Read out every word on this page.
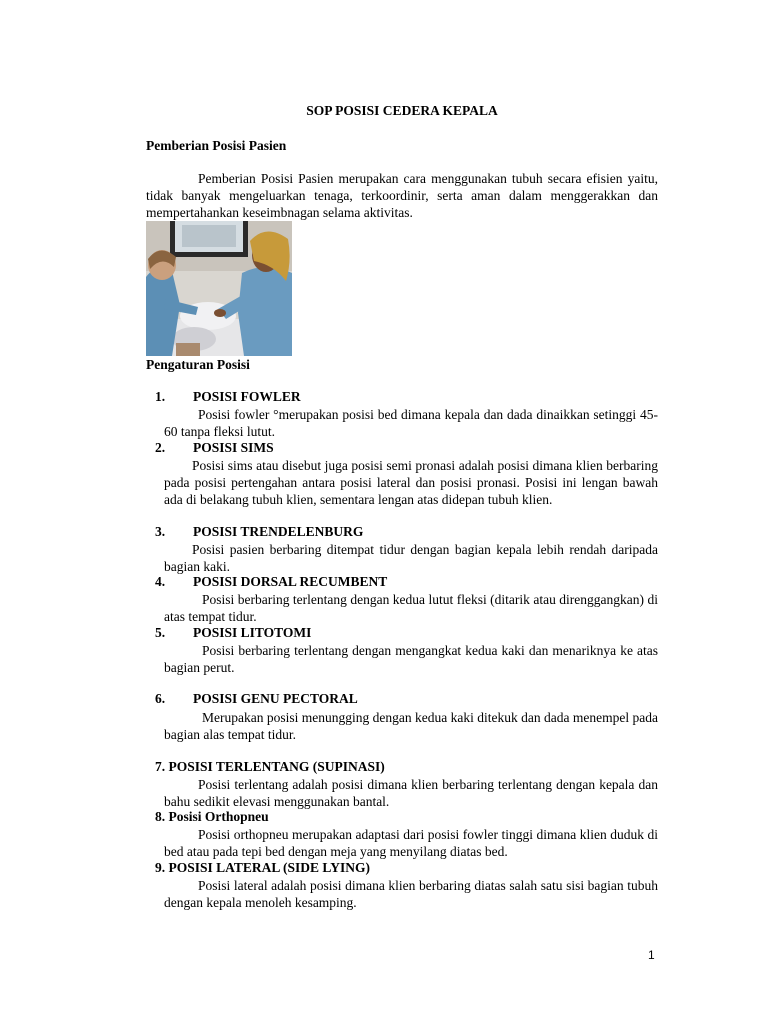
SOP POSISI CEDERA KEPALA
Pemberian Posisi Pasien
Pemberian Posisi Pasien merupakan cara menggunakan tubuh secara efisien yaitu, tidak banyak mengeluarkan tenaga, terkoordinir, serta aman dalam menggerakkan dan mempertahankan keseimbnagan selama aktivitas.
Pengaturan Posisi
1. POSISI FOWLER
Posisi fowler °merupakan posisi bed dimana kepala dan dada dinaikkan setinggi 45-60 tanpa fleksi lutut.
2. POSISI SIMS
Posisi sims atau disebut juga posisi semi pronasi adalah posisi dimana klien berbaring pada posisi pertengahan antara posisi lateral dan posisi pronasi. Posisi ini lengan bawah ada di belakang tubuh klien, sementara lengan atas didepan tubuh klien.
3. POSISI TRENDELENBURG
Posisi pasien berbaring ditempat tidur dengan bagian kepala lebih rendah daripada bagian kaki.
4. POSISI DORSAL RECUMBENT
Posisi berbaring terlentang dengan kedua lutut fleksi (ditarik atau direnggangkan) di atas tempat tidur.
5. POSISI LITOTOMI
Posisi berbaring terlentang dengan mengangkat kedua kaki dan menariknya ke atas bagian perut.
6. POSISI GENU PECTORAL
Merupakan posisi menungging dengan kedua kaki ditekuk dan dada menempel pada bagian alas tempat tidur.
7. POSISI TERLENTANG (SUPINASI)
Posisi terlentang adalah posisi dimana klien berbaring terlentang dengan kepala dan bahu sedikit elevasi menggunakan bantal.
8. Posisi Orthopneu
Posisi orthopneu merupakan adaptasi dari posisi fowler tinggi dimana klien duduk di bed atau pada tepi bed dengan meja yang menyilang diatas bed.
9. POSISI LATERAL (SIDE LYING)
Posisi lateral adalah posisi dimana klien berbaring diatas salah satu sisi bagian tubuh dengan kepala menoleh kesamping.
1
